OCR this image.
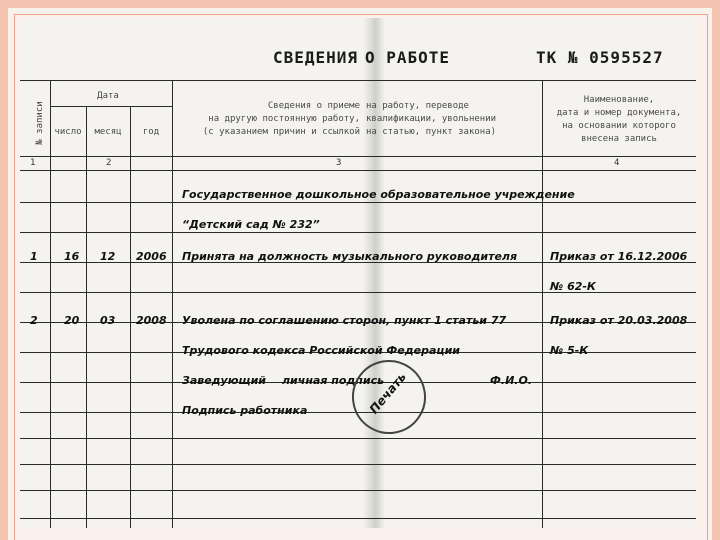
СВЕДЕНИЯ О РАБОТЕ	ТК № 0595527
№ записи
Дата
число	месяц	год
Сведения о приеме
на другую постоянную работу,
(с указанием причин и ссылкой
на работу, переводе
квалификации, увольнении
на статью, пункт закона)
Наименование,
дата и номер документа,
на основании которого
внесена запись
1	2	3	4
Государственное дошкольное образовательное учреждение
“Детский сад № 232”
1 16 12 2006 Принята на должность музыкального руководителя	Приказ от 16.12.2006
№ 62-К
2 20 03 2008 Уволена по соглашению сторон, пункт 1 статьи 77	Приказ от 20.03.2008
Трудового кодекса Российской Федерации	№ 5-К
Заведующий личная подпись	Ф.И.О.
Подпись работника	Печать
